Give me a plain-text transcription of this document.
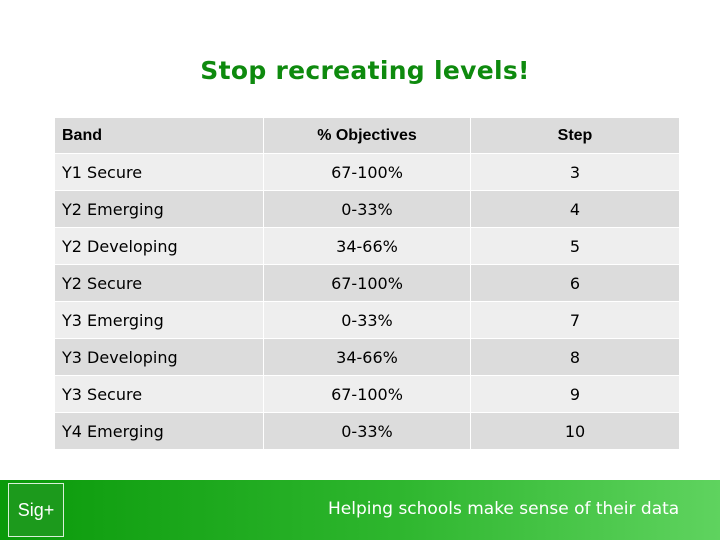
Stop recreating levels!
Band	% Objectives	Step
Y1 Secure	67-100%	3
Y2 Emerging	0-33%	4
Y2 Developing	34-66%	5
Y2 Secure	67-100%	6
Y3 Emerging	0-33%	7
Y3 Developing	34-66%	8
Y3 Secure	67-100%	9
Y4 Emerging	0-33%	10
Sig+	Helping schools make sense of their data
